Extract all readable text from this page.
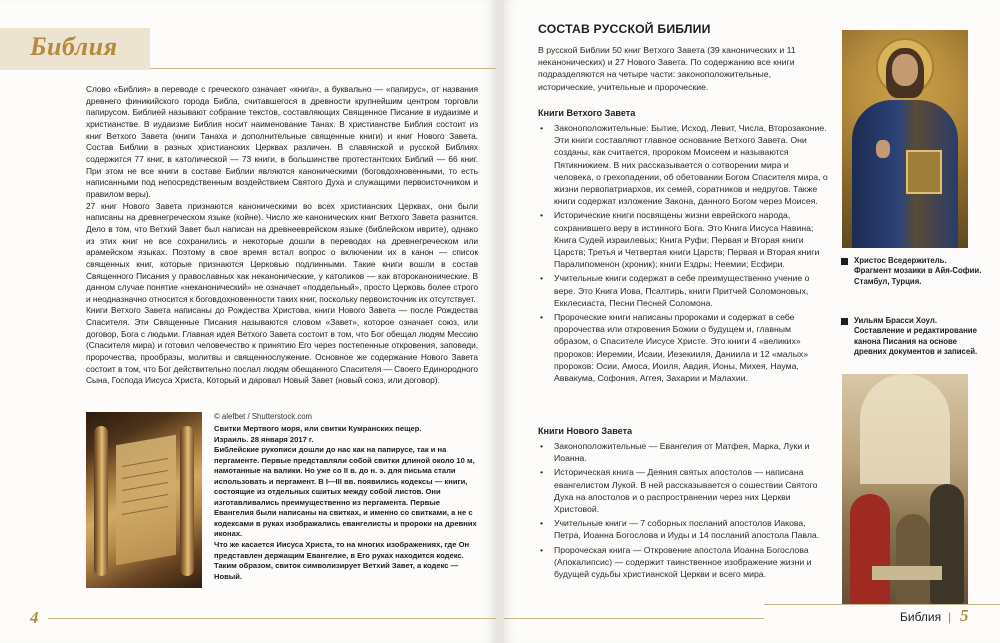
Библия

Слово «Библия» в переводе с греческого означает «книга», а буквально — «папирус», от названия древнего финикийского города Библа, считавшегося в древности крупнейшим центром торговли папирусом. Библией называют собрание текстов, составляющих Священное Писание в иудаизме и христианстве. В иудаизме Библия носит наименование Танах. В христианстве Библия состоит из книг Ветхого Завета (книги Танаха и дополнительные священные книги) и книг Нового Завета. Состав Библии в разных христианских Церквах различен. В славянской и русской Библиях содержится 77 книг, в католической — 73 книги, в большинстве протестантских Библий — 66 книг. При этом не все книги в составе Библии являются каноническими (боговдохновенными, то есть написанными под непосредственным воздействием Святого Духа и служащими первоисточником и правилом веры).

27 книг Нового Завета признаются каноническими во всех христианских Церквах, они были написаны на древнегреческом языке (койне). Число же канонических книг Ветхого Завета разнится. Дело в том, что Ветхий Завет был написан на древнееврейском языке (библейском иврите), однако из этих книг не все сохранились и некоторые дошли в переводах на древнегреческом или арамейском языках. Поэтому в свое время встал вопрос о включении их в канон — список священных книг, которые признаются Церковью подлинными. Такие книги вошли в состав Священного Писания у православных как неканонические, у католиков — как второканонические. В данном случае понятие «неканонический» не означает «поддельный», просто Церковь более строго и неодназначно относится к боговдохновенности таких книг, поскольку первоисточник их отсутствует.

Книги Ветхого Завета написаны до Рождества Христова, книги Нового Завета — после Рождества Спасителя. Эти Священные Писания называются словом «Завет», которое означает союз, или договор, Бога с людьми. Главная идея Ветхого Завета состоит в том, что Бог обещал людям Мессию (Спасителя мира) и готовил человечество к принятию Его через постепенные откровения, заповеди, пророчества, прообразы, молитвы и священнослужение. Основное же содержание Нового Завета состоит в том, что Бог действительно послал людям обещанного Спасителя — Своего Единородного Сына, Господа Иисуса Христа, Который и даровал Новый Завет (новый союз, или договор).

© alefbet / Shutterstock.com

Свитки Мертвого моря, или свитки Кумранских пещер.

Израиль. 28 января 2017 г.

Библейские рукописи дошли до нас как на папирусе, так и на пергаменте. Первые представляли собой свитки длиной около 10 м, намотанные на валики. Но уже со II в. до н. э. для письма стали использовать и пергамент. В I—III вв. появились кодексы — книги, состоящие из отдельных сшитых между собой листов. Они изготавливались преимущественно из пергамента. Первые Евангелия были написаны на свитках, и именно со свитками, а не с кодексами в руках изображались евангелисты и пророки на древних иконах.

Что же касается Иисуса Христа, то на многих изображениях, где Он представлен держащим Евангелие, в Его руках находится кодекс. Таким образом, свиток символизирует Ветхий Завет, а кодекс — Новый.

4
СОСТАВ РУССКОЙ БИБЛИИ
В русской Библии 50 книг Ветхого Завета (39 канонических и 11 неканонических) и 27 Нового Завета. По содержанию все книги подразделяются на четыре части: законоположительные, исторические, учительные и пророческие.
Книги Ветхого Завета
• Законоположительные: Бытие, Исход, Левит, Числа, Второзаконие. Эти книги составляют главное основание Ветхого Завета. Они созданы, как считается, пророком Моисеем и называются Пятикнижием. В них рассказывается о сотворении мира и человека, о грехопадении, об обетовании Богом Спасителя мира, о жизни первопатриархов, их семей, соратников и недругов. Также книги содержат изложение Закона, данного Богом через Моисея.
• Исторические книги посвящены жизни еврейского народа, сохранившего веру в истинного Бога. Это Книга Иисуса Навина; Книга Судей израилевых; Книга Руфи; Первая и Вторая книги Царств; Третья и Четвертая книги Царств; Первая и Вторая книги Паралипоменон (хроник); книги Ездры; Неемии; Есфири.
• Учительные книги содержат в себе преимущественно учение о вере. Это Книга Иова, Псалтирь, книги Притчей Соломоновых, Екклесиаста, Песни Песней Соломона.
• Пророческие книги написаны пророками и содержат в себе пророчества или откровения Божии о будущем и, главным образом, о Спасителе Иисусе Христе. Это книги 4 «великих» пророков: Иеремии, Исаии, Иезекииля, Даниила и 12 «малых» пророков: Осии, Амоса, Иоиля, Авдия, Ионы, Михея, Наума, Аввакума, Софония, Аггея, Захарии и Малахии.
Книги Нового Завета
• Законоположительные — Евангелия от Матфея, Марка, Луки и Иоанна.
• Историческая книга — Деяния святых апостолов — написана евангелистом Лукой. В ней рассказывается о сошествии Святого Духа на апостолов и о распространении через них Церкви Христовой.
• Учительные книги — 7 соборных посланий апостолов Иакова, Петра, Иоанна Богослова и Иуды и 14 посланий апостола Павла.
• Пророческая книга — Откровение апостола Иоанна Богослова (Апокалипсис) — содержит таинственное изображение жизни и будущей судьбы христианской Церкви и всего мира.

Христос Вседержитель. Фрагмент мозаики в Айя-Софии. Стамбул, Турция.

Уильям Брасси Хоул. Составление и редактирование канона Писания на основе древних документов и записей.

Библия | 5
